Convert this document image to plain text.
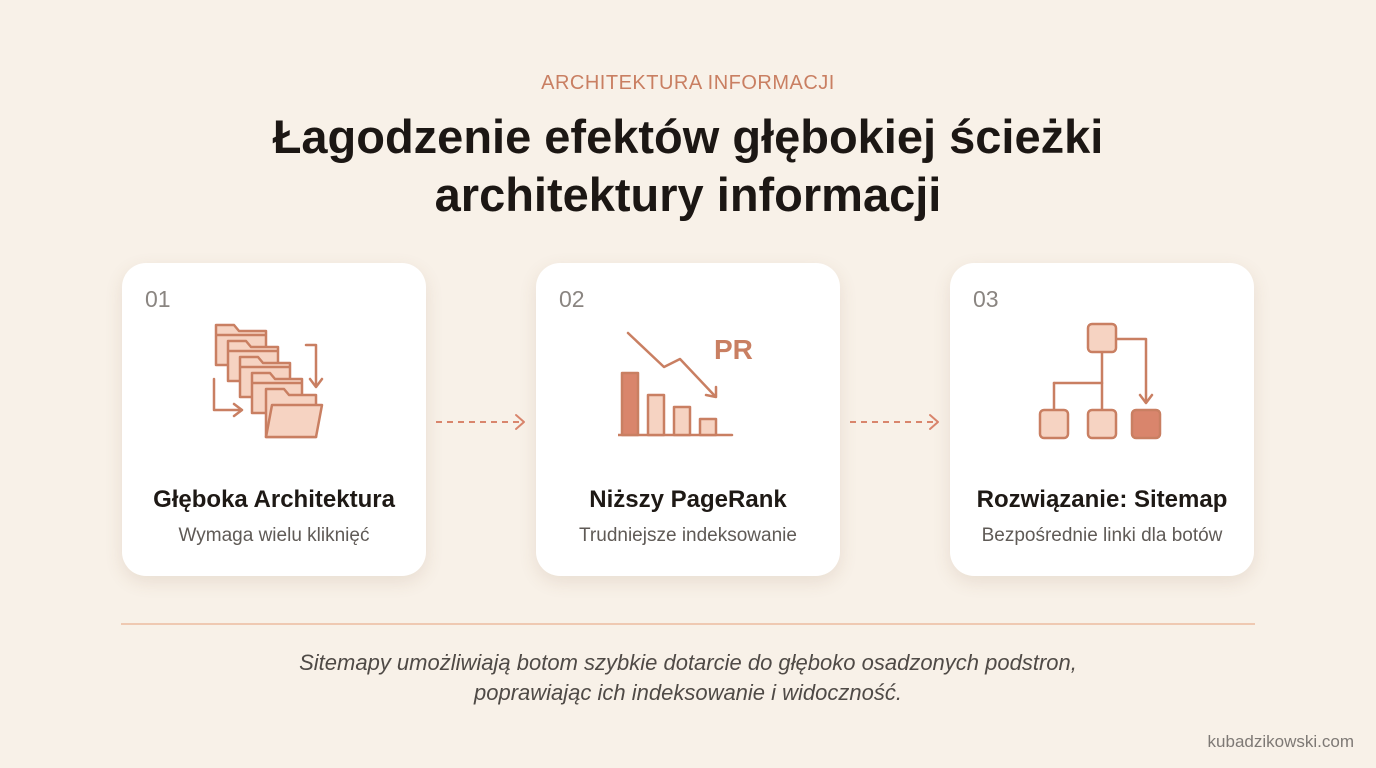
ARCHITEKTURA INFORMACJI
Łagodzenie efektów głębokiej ścieżki
architektury informacji
01
Głęboka Architektura
Wymaga wielu kliknięć
02
PR
Niższy PageRank
Trudniejsze indeksowanie
03
Rozwiązanie: Sitemap
Bezpośrednie linki dla botów
Sitemapy umożliwiają botom szybkie dotarcie do głęboko osadzonych podstron,
poprawiając ich indeksowanie i widoczność.
kubadzikowski.com
